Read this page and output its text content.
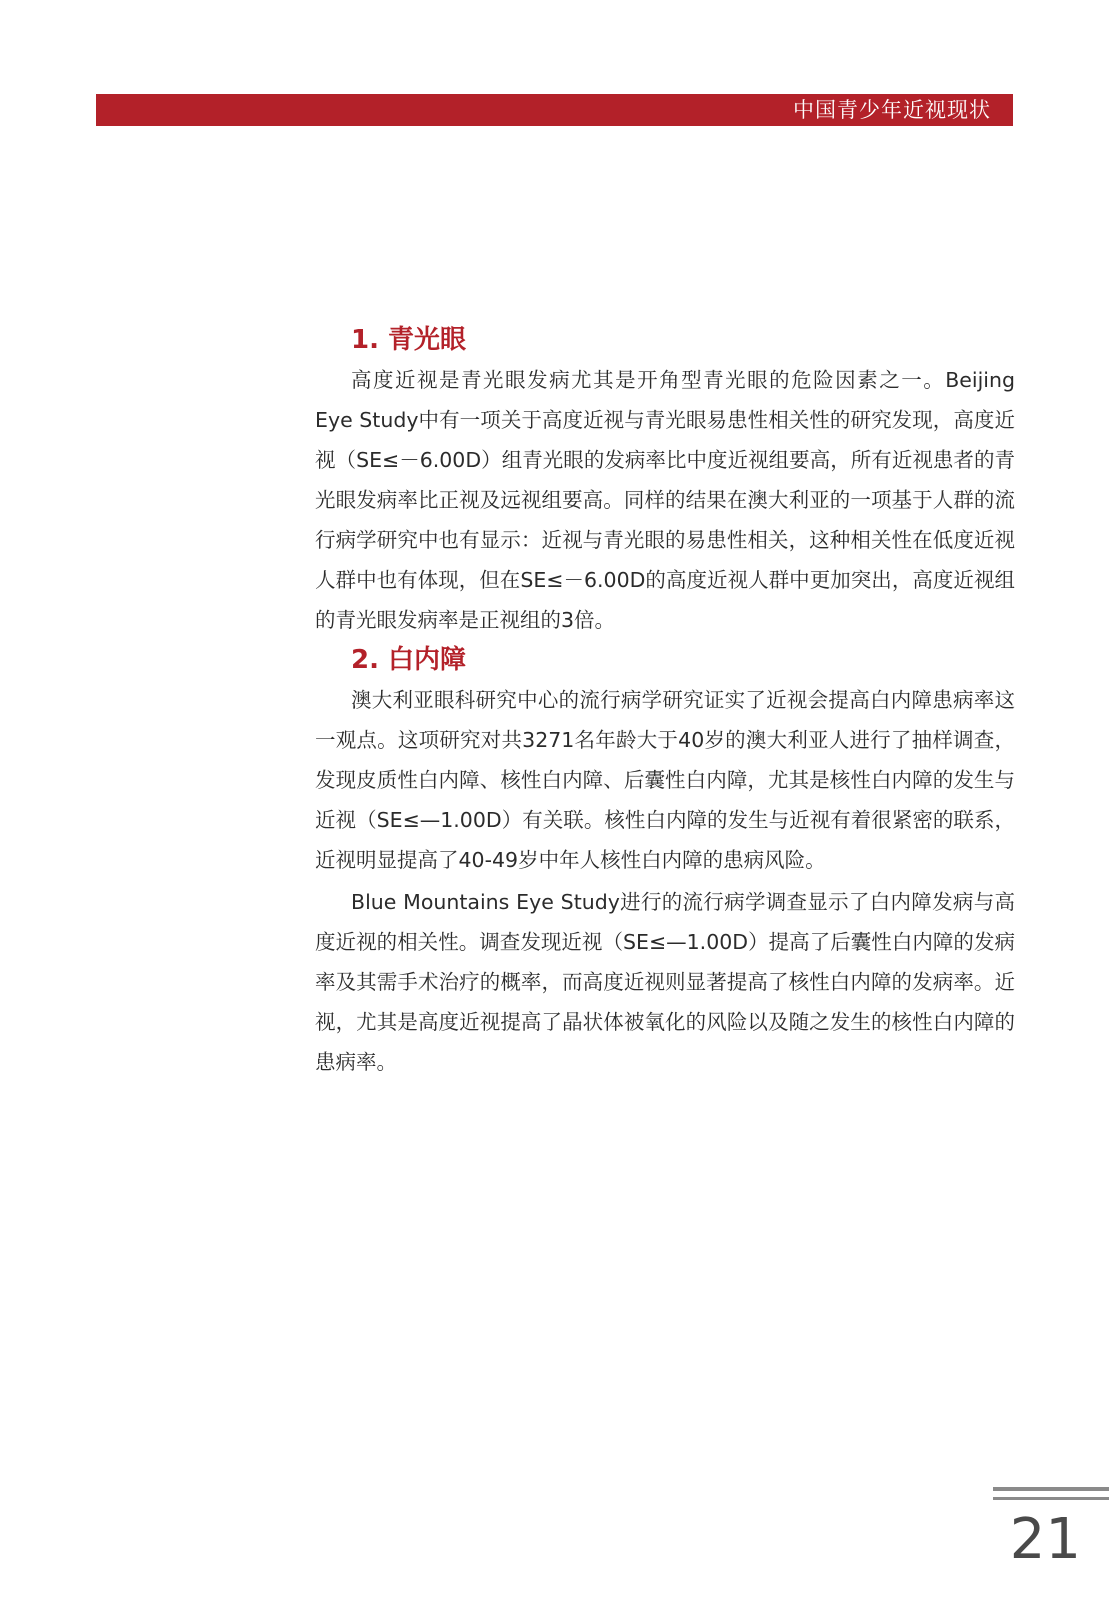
中国青少年近视现状
1. 青光眼

高度近视是青光眼发病尤其是开角型青光眼的危险因素之一。Beijing Eye Study中有一项关于高度近视与青光眼易患性相关性的研究发现，高度近视（SE≤－6.00D）组青光眼的发病率比中度近视组要高，所有近视患者的青光眼发病率比正视及远视组要高。同样的结果在澳大利亚的一项基于人群的流行病学研究中也有显示：近视与青光眼的易患性相关，这种相关性在低度近视人群中也有体现，但在SE≤－6.00D的高度近视人群中更加突出，高度近视组的青光眼发病率是正视组的3倍。

2. 白内障

澳大利亚眼科研究中心的流行病学研究证实了近视会提高白内障患病率这一观点。这项研究对共3271名年龄大于40岁的澳大利亚人进行了抽样调查，发现皮质性白内障、核性白内障、后囊性白内障，尤其是核性白内障的发生与近视（SE≤—1.00D）有关联。核性白内障的发生与近视有着很紧密的联系，近视明显提高了40-49岁中年人核性白内障的患病风险。

Blue Mountains Eye Study进行的流行病学调查显示了白内障发病与高度近视的相关性。调查发现近视（SE≤—1.00D）提高了后囊性白内障的发病率及其需手术治疗的概率，而高度近视则显著提高了核性白内障的发病率。近视，尤其是高度近视提高了晶状体被氧化的风险以及随之发生的核性白内障的患病率。

21
